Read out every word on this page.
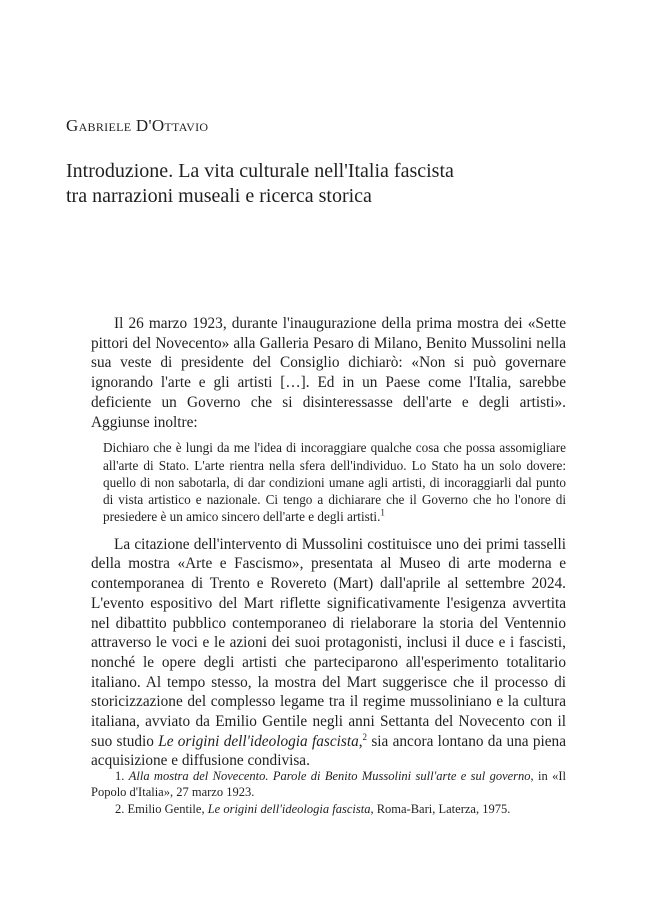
Gabriele D'Ottavio
Introduzione. La vita culturale nell'Italia fascista
tra narrazioni museali e ricerca storica

Il 26 marzo 1923, durante l'inaugurazione della prima mostra dei «Sette pittori del Novecento» alla Galleria Pesaro di Milano, Benito Mussolini nella sua veste di presidente del Consiglio dichiarò: «Non si può governare ignorando l'arte e gli artisti […]. Ed in un Paese come l'Italia, sarebbe deficiente un Governo che si disinteressasse dell'arte e degli artisti». Aggiunse inoltre:

Dichiaro che è lungi da me l'idea di incoraggiare qualche cosa che possa assomigliare all'arte di Stato. L'arte rientra nella sfera dell'individuo. Lo Stato ha un solo dovere: quello di non sabotarla, di dar condizioni umane agli artisti, di incoraggiarli dal punto di vista artistico e nazionale. Ci tengo a dichiarare che il Governo che ho l'onore di presiedere è un amico sincero dell'arte e degli artisti.$^1$

La citazione dell'intervento di Mussolini costituisce uno dei primi tasselli della mostra «Arte e Fascismo», presentata al Museo di arte moderna e contemporanea di Trento e Rovereto (Mart) dall'aprile al settembre 2024. L'evento espositivo del Mart riflette significativamente l'esigenza avvertita nel dibattito pubblico contemporaneo di rielaborare la storia del Ventennio attraverso le voci e le azioni dei suoi protagonisti, inclusi il duce e i fascisti, nonché le opere degli artisti che parteciparono all'esperimento totalitario italiano. Al tempo stesso, la mostra del Mart suggerisce che il processo di storicizzazione del complesso legame tra il regime mussoliniano e la cultura italiana, avviato da Emilio Gentile negli anni Settanta del Novecento con il suo studio Le origini dell'ideologia fascista,$^2$ sia ancora lontano da una piena acquisizione e diffusione condivisa.

1. Alla mostra del Novecento. Parole di Benito Mussolini sull'arte e sul governo, in «Il Popolo d'Italia», 27 marzo 1923.

2. Emilio Gentile, Le origini dell'ideologia fascista, Roma-Bari, Laterza, 1975.
